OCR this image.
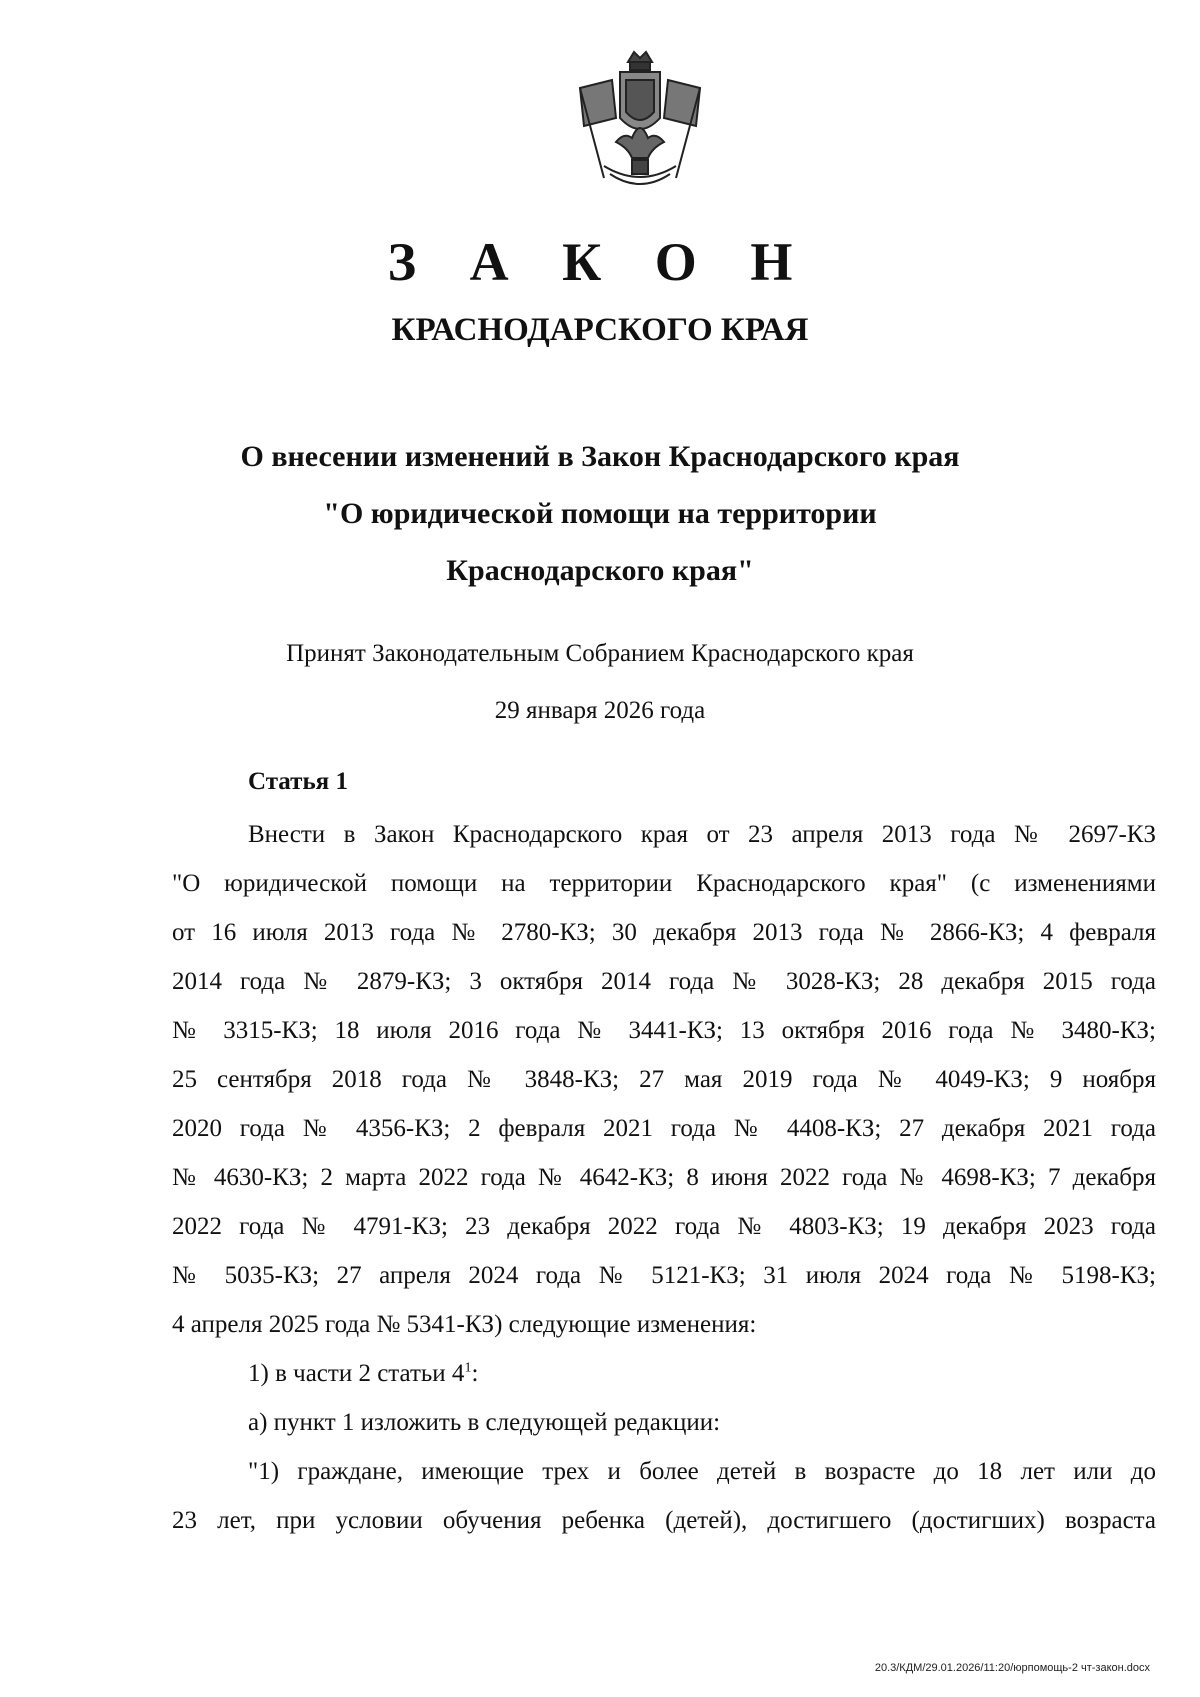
З А К О Н
КРАСНОДАРСКОГО КРАЯ
О внесении изменений в Закон Краснодарского края
"О юридической помощи на территории
Краснодарского края"
Принят Законодательным Собранием Краснодарского края
29 января 2026 года
Статья 1
Внести в Закон Краснодарского края от 23 апреля 2013 года № 2697-КЗ
"О юридической помощи на территории Краснодарского края" (с изменениями
от 16 июля 2013 года № 2780-КЗ; 30 декабря 2013 года № 2866-КЗ; 4 февраля
2014 года № 2879-КЗ; 3 октября 2014 года № 3028-КЗ; 28 декабря 2015 года
№ 3315-КЗ; 18 июля 2016 года № 3441-КЗ; 13 октября 2016 года № 3480-КЗ;
25 сентября 2018 года № 3848-КЗ; 27 мая 2019 года № 4049-КЗ; 9 ноября
2020 года № 4356-КЗ; 2 февраля 2021 года № 4408-КЗ; 27 декабря 2021 года
№ 4630-КЗ; 2 марта 2022 года № 4642-КЗ; 8 июня 2022 года № 4698-КЗ; 7 декабря
2022 года № 4791-КЗ; 23 декабря 2022 года № 4803-КЗ; 19 декабря 2023 года
№ 5035-КЗ; 27 апреля 2024 года № 5121-КЗ; 31 июля 2024 года № 5198-КЗ;
4 апреля 2025 года № 5341-КЗ) следующие изменения:
1) в части 2 статьи $4^1$:
а) пункт 1 изложить в следующей редакции:
"1) граждане, имеющие трех и более детей в возрасте до 18 лет или до
23 лет, при условии обучения ребенка (детей), достигшего (достигших) возраста
20.3/КДМ/29.01.2026/11:20/юрпомощь-2 чт-закон.docx
